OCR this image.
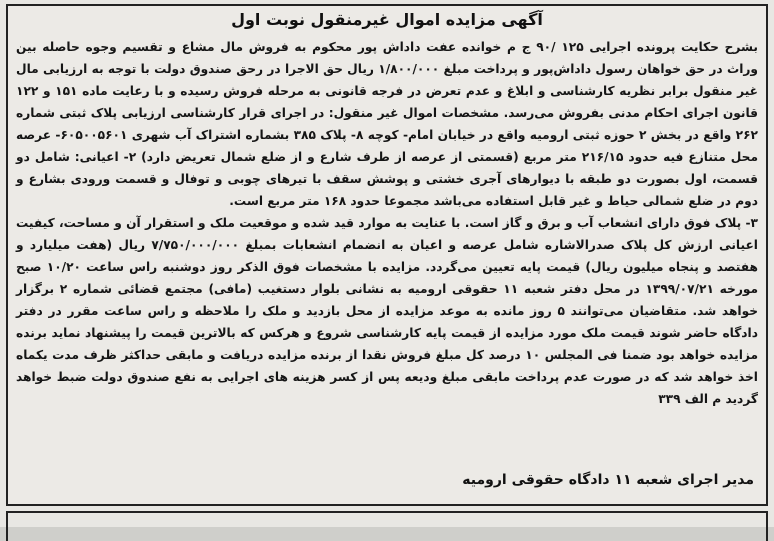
آگهی مزایده اموال غیرمنقول نوبت اول

بشرح حکایت پرونده اجرایی ۱۲۵ /۹۰ ج م خوانده عفت داداش پور محکوم به فروش مال مشاع و تقسیم وجوه حاصله بین وراث در حق خواهان رسول داداش‌پور و پرداخت مبلغ ۱/۸۰۰/۰۰۰ ریال حق الاجرا در رحق صندوق دولت با توجه به ارزیابی مال غیر منقول برابر نظریه کارشناسی و ابلاغ و عدم تعرض در فرجه قانونی به مرحله فروش رسیده و با رعایت ماده ۱۵۱ و ۱۲۲ قانون اجرای احکام مدنی بفروش می‌رسد. مشخصات اموال غیر منقول: در اجرای قرار کارشناسی ارزیابی پلاک ثبتی شماره ۲۶۲ واقع در بخش ۲ حوزه ثبتی ارومیه واقع در خیابان امام- کوچه ۸- پلاک ۳۸۵ بشماره اشتراک آب شهری ۶۰۵۰۰۵۶۰۱- عرصه محل متنازع فیه حدود ۲۱۶/۱۵ متر مربع (قسمتی از عرصه از طرف شارع و از ضلع شمال تعریض دارد) ۲- اعیانی: شامل دو قسمت، اول بصورت دو طبقه با دیوارهای آجری خشتی و پوشش سقف با تیرهای چوبی و توفال و قسمت ورودی بشارع و دوم در ضلع شمالی حیاط و غیر قابل استفاده می‌باشد مجموعا حدود ۱۶۸ متر مربع است.

۳- پلاک فوق دارای انشعاب آب و برق و گاز است. با عنایت به موارد قید شده و موقعیت ملک و استقرار آن و مساحت، کیفیت اعیانی ارزش کل پلاک صدرالاشاره شامل عرصه و اعیان به انضمام انشعابات بمبلغ ۷/۷۵۰/۰۰۰/۰۰۰ ریال (هفت میلیارد و هفتصد و پنجاه میلیون ریال) قیمت پایه تعیین می‌گردد. مزایده با مشخصات فوق الذکر روز دوشنبه راس ساعت ۱۰/۲۰ صبح مورخه ۱۳۹۹/۰۷/۲۱ در محل دفتر شعبه ۱۱ حقوقی ارومیه به نشانی بلوار دستغیب (مافی) مجتمع قضائی شماره ۲ برگزار خواهد شد. متقاضیان می‌توانند ۵ روز مانده به موعد مزایده از محل بازدید و ملک را ملاحظه و راس ساعت مقرر در دفتر دادگاه حاضر شوند قیمت ملک مورد مزایده از قیمت پایه کارشناسی شروع و هرکس که بالاترین قیمت را پیشنهاد نماید برنده مزایده خواهد بود ضمنا فی المجلس ۱۰ درصد کل مبلغ فروش نقدا از برنده مزایده دریافت و مابقی حداکثر ظرف مدت یکماه اخذ خواهد شد که در صورت عدم پرداخت مابقی مبلغ ودیعه پس از کسر هزینه های اجرایی به نفع صندوق دولت ضبط خواهد گردید م الف ۳۳۹

مدیر اجرای شعبه ۱۱ دادگاه حقوقی ارومیه
